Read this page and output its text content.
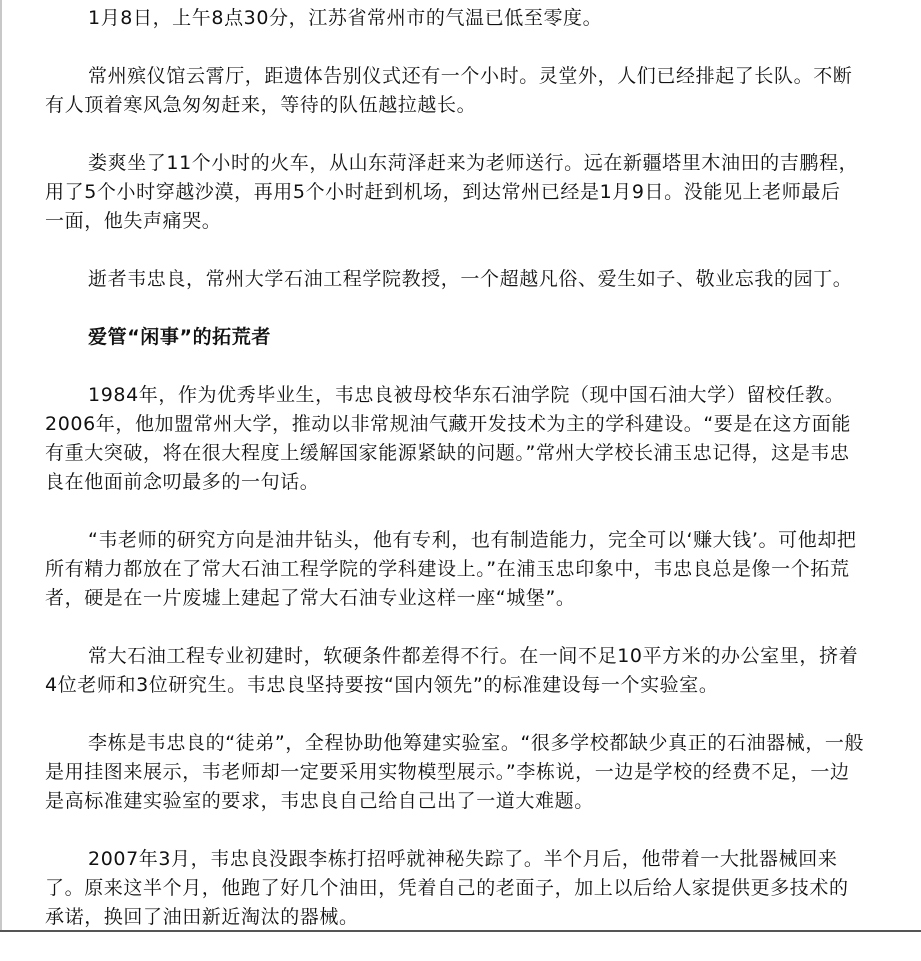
1月8日，上午8点30分，江苏省常州市的气温已低至零度。
常州殡仪馆云霄厅，距遗体告别仪式还有一个小时。灵堂外，人们已经排起了长队。不断
有人顶着寒风急匆匆赶来，等待的队伍越拉越长。
娄爽坐了11个小时的火车，从山东菏泽赶来为老师送行。远在新疆塔里木油田的吉鹏程，
用了5个小时穿越沙漠，再用5个小时赶到机场，到达常州已经是1月9日。没能见上老师最后
一面，他失声痛哭。
逝者韦忠良，常州大学石油工程学院教授，一个超越凡俗、爱生如子、敬业忘我的园丁。
爱管“闲事”的拓荒者
1984年，作为优秀毕业生，韦忠良被母校华东石油学院（现中国石油大学）留校任教。
2006年，他加盟常州大学，推动以非常规油气藏开发技术为主的学科建设。“要是在这方面能
有重大突破，将在很大程度上缓解国家能源紧缺的问题。”常州大学校长浦玉忠记得，这是韦忠
良在他面前念叨最多的一句话。
“韦老师的研究方向是油井钻头，他有专利，也有制造能力，完全可以‘赚大钱’。可他却把
所有精力都放在了常大石油工程学院的学科建设上。”在浦玉忠印象中，韦忠良总是像一个拓荒
者，硬是在一片废墟上建起了常大石油专业这样一座“城堡”。
常大石油工程专业初建时，软硬条件都差得不行。在一间不足10平方米的办公室里，挤着
4位老师和3位研究生。韦忠良坚持要按“国内领先”的标准建设每一个实验室。
李栋是韦忠良的“徒弟”，全程协助他筹建实验室。“很多学校都缺少真正的石油器械，一般
是用挂图来展示，韦老师却一定要采用实物模型展示。”李栋说，一边是学校的经费不足，一边
是高标准建实验室的要求，韦忠良自己给自己出了一道大难题。
2007年3月，韦忠良没跟李栋打招呼就神秘失踪了。半个月后，他带着一大批器械回来
了。原来这半个月，他跑了好几个油田，凭着自己的老面子，加上以后给人家提供更多技术的
承诺，换回了油田新近淘汰的器械。
